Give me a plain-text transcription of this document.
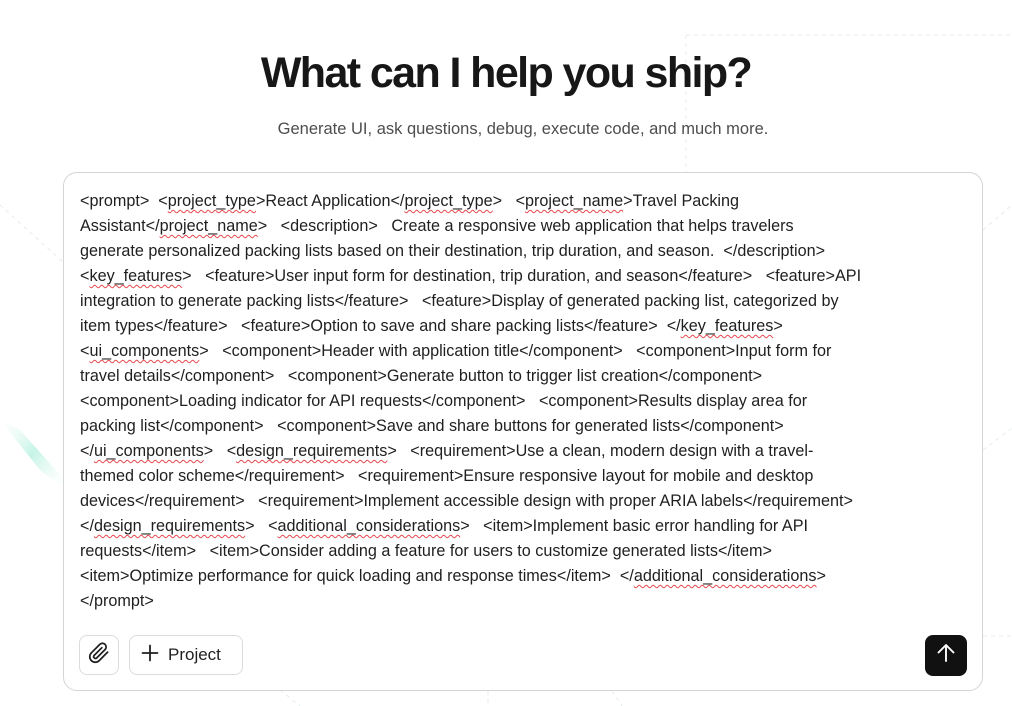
What can I help you ship?
Generate UI, ask questions, debug, execute code, and much more.
<prompt>  <project_type>React Application</project_type>   <project_name>Travel Packing
Assistant</project_name>   <description>   Create a responsive web application that helps travelers
generate personalized packing lists based on their destination, trip duration, and season.  </description>
<key_features>   <feature>User input form for destination, trip duration, and season</feature>   <feature>API
integration to generate packing lists</feature>   <feature>Display of generated packing list, categorized by
item types</feature>   <feature>Option to save and share packing lists</feature>  </key_features>
<ui_components>   <component>Header with application title</component>   <component>Input form for
travel details</component>   <component>Generate button to trigger list creation</component>
<component>Loading indicator for API requests</component>   <component>Results display area for
packing list</component>   <component>Save and share buttons for generated lists</component>
</ui_components>   <design_requirements>   <requirement>Use a clean, modern design with a travel-
themed color scheme</requirement>   <requirement>Ensure responsive layout for mobile and desktop
devices</requirement>   <requirement>Implement accessible design with proper ARIA labels</requirement>
</design_requirements>   <additional_considerations>   <item>Implement basic error handling for API
requests</item>   <item>Consider adding a feature for users to customize generated lists</item>
<item>Optimize performance for quick loading and response times</item>  </additional_considerations>
</prompt>
Project
